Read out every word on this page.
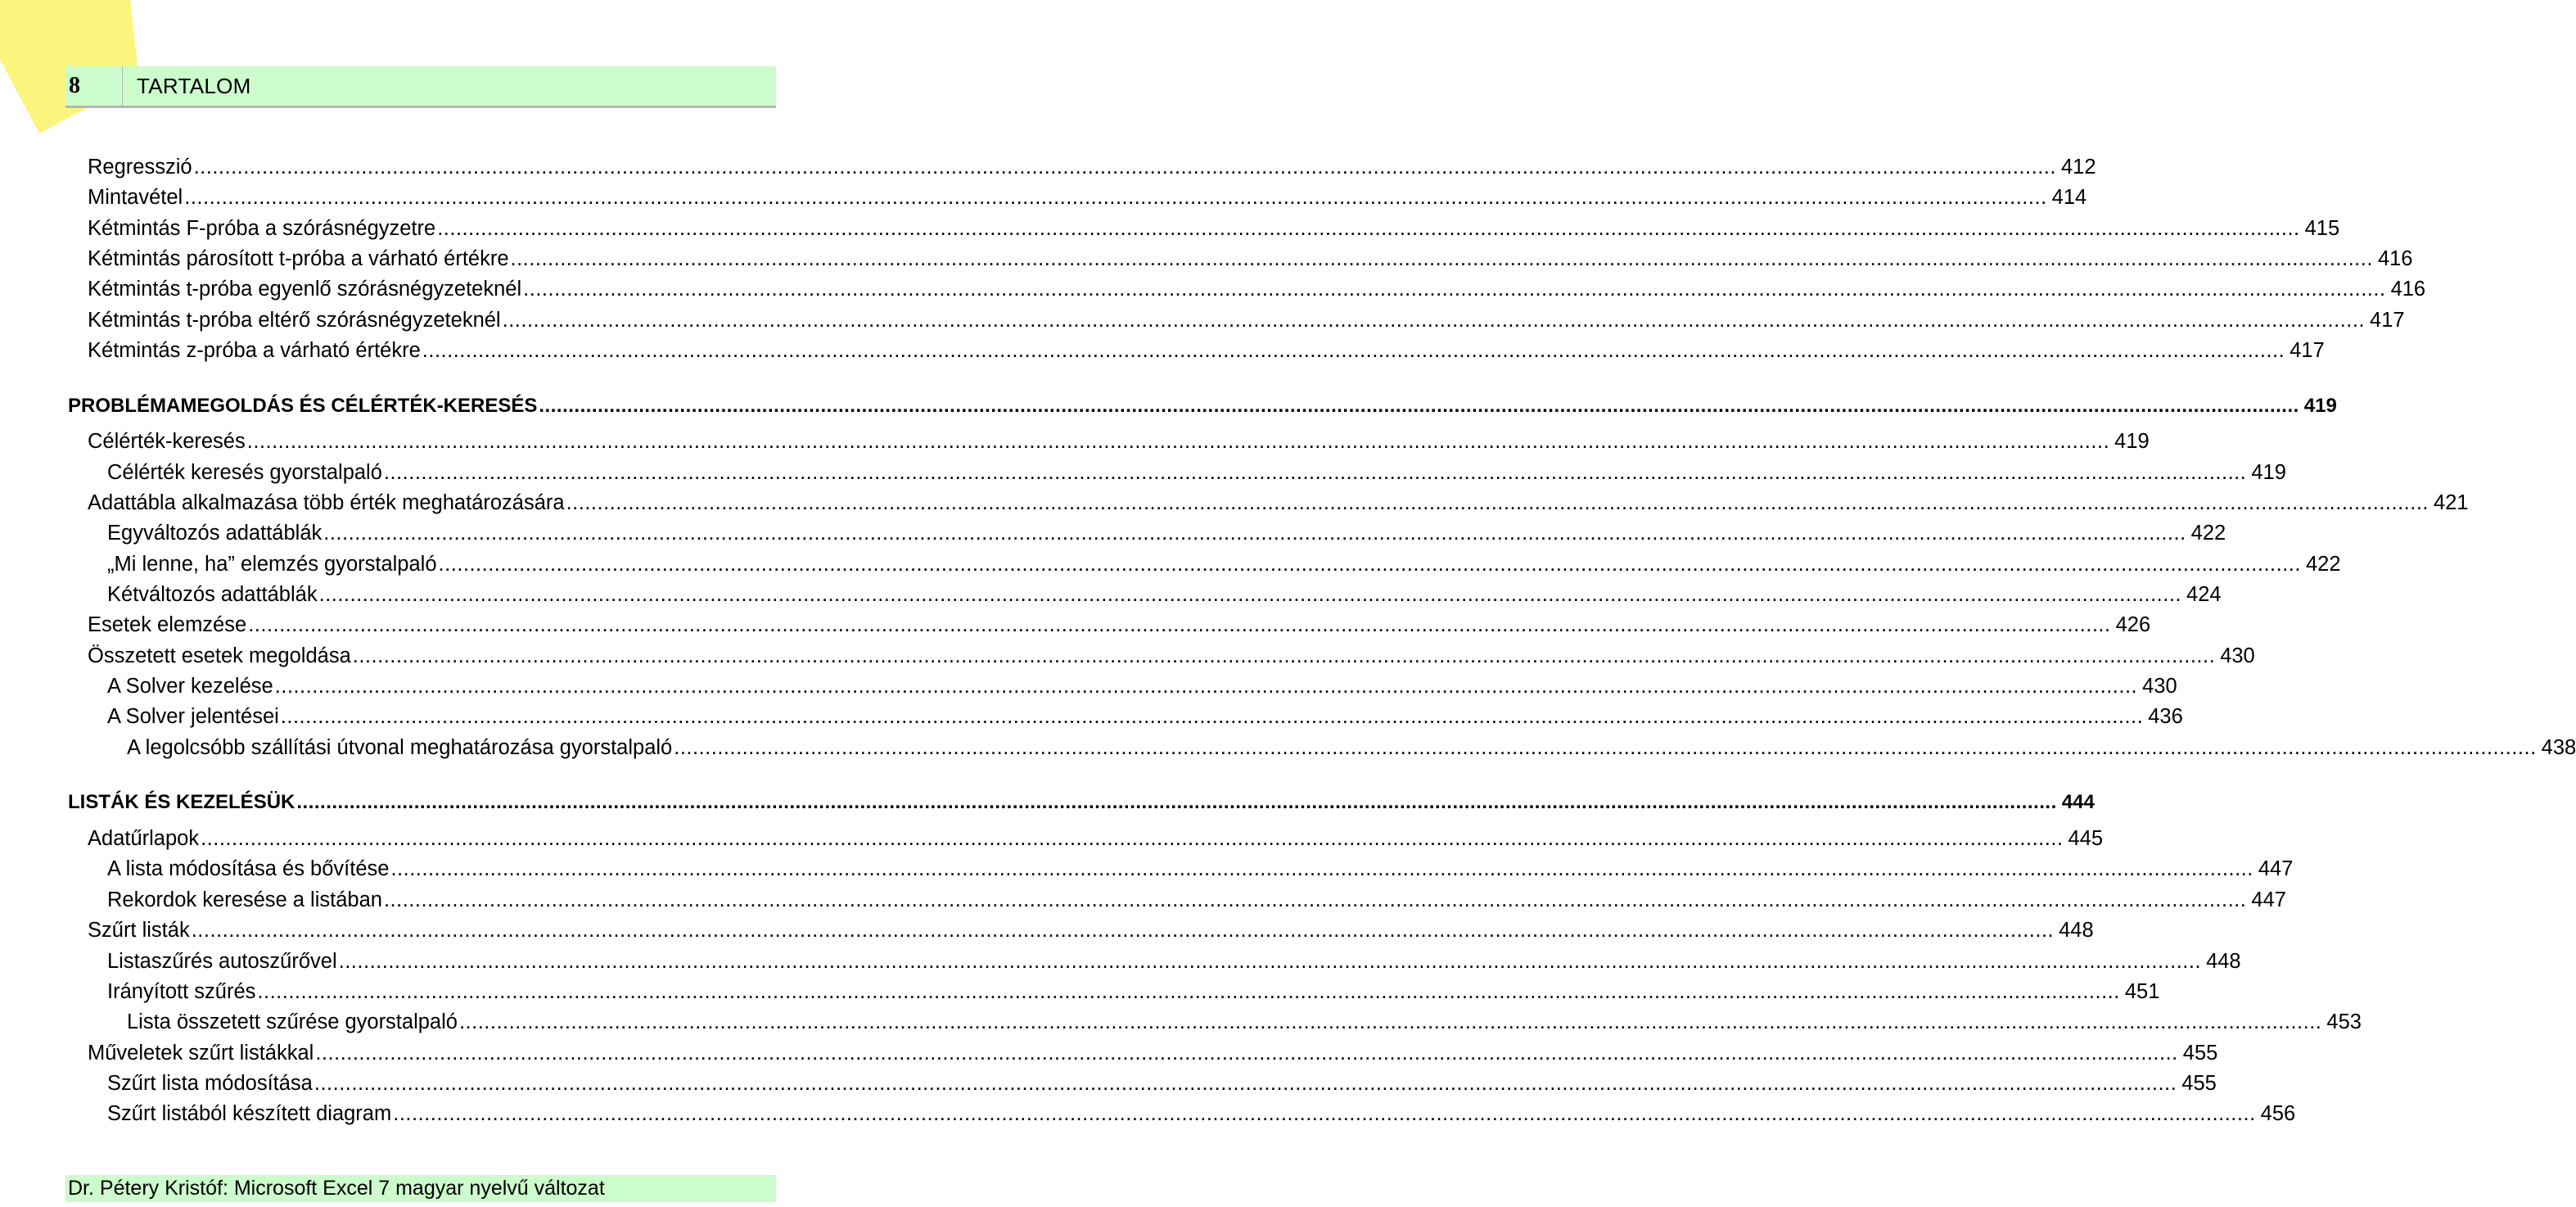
8	TARTALOM
Regresszió ............................................................................................................................................................................................................................................................................................................ 412
Mintavétel ............................................................................................................................................................................................................................................................................................................ 414
Kétmintás F-próba a szórásnégyzetre ............................................................................................................................................................................................................................................................................................................ 415
Kétmintás párosított t-próba a várható értékre ............................................................................................................................................................................................................................................................................................................ 416
Kétmintás t-próba egyenlő szórásnégyzeteknél ............................................................................................................................................................................................................................................................................................................ 416
Kétmintás t-próba eltérő szórásnégyzeteknél ............................................................................................................................................................................................................................................................................................................ 417
Kétmintás z-próba a várható értékre ............................................................................................................................................................................................................................................................................................................ 417
PROBLÉMAMEGOLDÁS ÉS CÉLÉRTÉK-KERESÉS ............................................................................................................................................................................................................................................................................................................ 419
Célérték-keresés ............................................................................................................................................................................................................................................................................................................ 419
Célérték keresés gyorstalpaló ............................................................................................................................................................................................................................................................................................................ 419
Adattábla alkalmazása több érték meghatározására ............................................................................................................................................................................................................................................................................................................ 421
Egyváltozós adattáblák ............................................................................................................................................................................................................................................................................................................ 422
„Mi lenne, ha” elemzés gyorstalpaló ............................................................................................................................................................................................................................................................................................................ 422
Kétváltozós adattáblák ............................................................................................................................................................................................................................................................................................................ 424
Esetek elemzése ............................................................................................................................................................................................................................................................................................................ 426
Összetett esetek megoldása ............................................................................................................................................................................................................................................................................................................ 430
A Solver kezelése ............................................................................................................................................................................................................................................................................................................ 430
A Solver jelentései ............................................................................................................................................................................................................................................................................................................ 436
A legolcsóbb szállítási útvonal meghatározása gyorstalpaló ............................................................................................................................................................................................................................................................................................................ 438
LISTÁK ÉS KEZELÉSÜK ............................................................................................................................................................................................................................................................................................................ 444
Adatűrlapok ............................................................................................................................................................................................................................................................................................................ 445
A lista módosítása és bővítése ............................................................................................................................................................................................................................................................................................................ 447
Rekordok keresése a listában ............................................................................................................................................................................................................................................................................................................ 447
Szűrt listák ............................................................................................................................................................................................................................................................................................................ 448
Listaszűrés autoszűrővel ............................................................................................................................................................................................................................................................................................................ 448
Irányított szűrés ............................................................................................................................................................................................................................................................................................................ 451
Lista összetett szűrése gyorstalpaló ............................................................................................................................................................................................................................................................................................................ 453
Műveletek szűrt listákkal ............................................................................................................................................................................................................................................................................................................ 455
Szűrt lista módosítása ............................................................................................................................................................................................................................................................................................................ 455
Szűrt listából készített diagram ............................................................................................................................................................................................................................................................................................................ 456
Dr. Pétery Kristóf: Microsoft Excel 7 magyar nyelvű változat
